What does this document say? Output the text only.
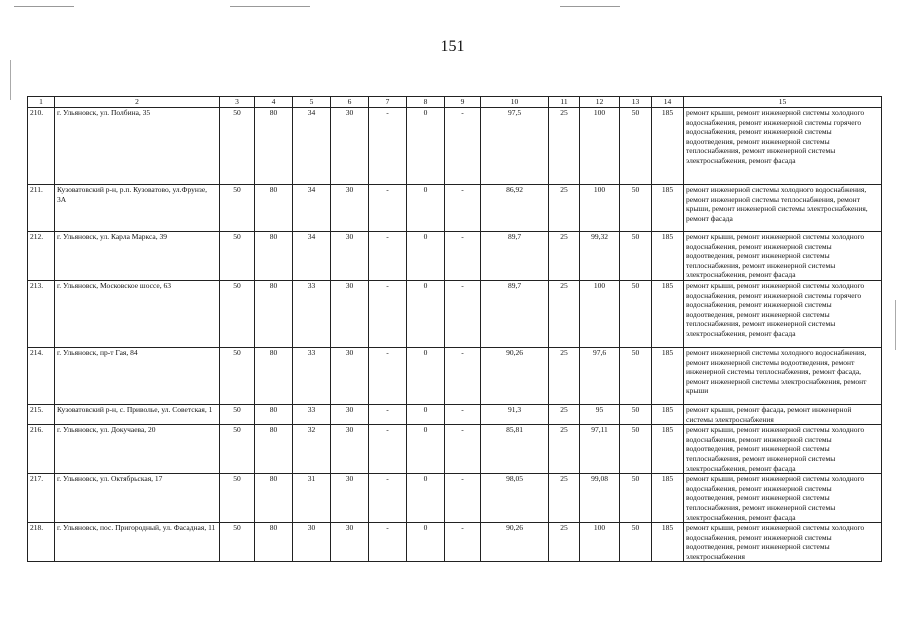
151
1	2	3	4	5	6	7	8	9	10	11	12	13	14	15
210.	г. Ульяновск, ул. Полбина, 35	50	80	34	30	-	0	-	97,5	25	100	50	185	ремонт крыши, ремонт инженерной системы холодного водоснабжения, ремонт инженерной системы горячего водоснабжения, ремонт инженерной системы водоотведения, ремонт инженерной системы теплоснабжения, ремонт инженерной системы электроснабжения, ремонт фасада
211.	Кузоватовский р-н, р.п. Кузоватово, ул.Фрунзе, 3А	50	80	34	30	-	0	-	86,92	25	100	50	185	ремонт инженерной системы холодного водоснабжения, ремонт инженерной системы теплоснабжения, ремонт крыши, ремонт инженерной системы электроснабжения, ремонт фасада
212.	г. Ульяновск, ул. Карла Маркса, 39	50	80	34	30	-	0	-	89,7	25	99,32	50	185	ремонт крыши, ремонт инженерной системы холодного водоснабжения, ремонт инженерной системы водоотведения, ремонт инженерной системы теплоснабжения, ремонт инженерной системы электроснабжения, ремонт фасада
213.	г. Ульяновск, Московское шоссе, 63	50	80	33	30	-	0	-	89,7	25	100	50	185	ремонт крыши, ремонт инженерной системы холодного водоснабжения, ремонт инженерной системы горячего водоснабжения, ремонт инженерной системы водоотведения, ремонт инженерной системы теплоснабжения, ремонт инженерной системы электроснабжения, ремонт фасада
214.	г. Ульяновск, пр-т Гая, 84	50	80	33	30	-	0	-	90,26	25	97,6	50	185	ремонт инженерной системы холодного водоснабжения, ремонт инженерной системы водоотведения, ремонт инженерной системы теплоснабжения, ремонт фасада, ремонт инженерной системы электроснабжения, ремонт крыши
215.	Кузоватовский р-н, с. Приволье, ул. Советская, 1	50	80	33	30	-	0	-	91,3	25	95	50	185	ремонт крыши, ремонт фасада, ремонт инженерной системы электроснабжения
216.	г. Ульяновск, ул. Докучаева, 20	50	80	32	30	-	0	-	85,81	25	97,11	50	185	ремонт крыши, ремонт инженерной системы холодного водоснабжения, ремонт инженерной системы водоотведения, ремонт инженерной системы теплоснабжения, ремонт инженерной системы электроснабжения, ремонт фасада
217.	г. Ульяновск, ул. Октябрьская, 17	50	80	31	30	-	0	-	98,05	25	99,08	50	185	ремонт крыши, ремонт инженерной системы холодного водоснабжения, ремонт инженерной системы водоотведения, ремонт инженерной системы теплоснабжения, ремонт инженерной системы электроснабжения, ремонт фасада
218.	г. Ульяновск, пос. Пригородный, ул. Фасадная, 11	50	80	30	30	-	0	-	90,26	25	100	50	185	ремонт крыши, ремонт инженерной системы холодного водоснабжения, ремонт инженерной системы водоотведения, ремонт инженерной системы электроснабжения
